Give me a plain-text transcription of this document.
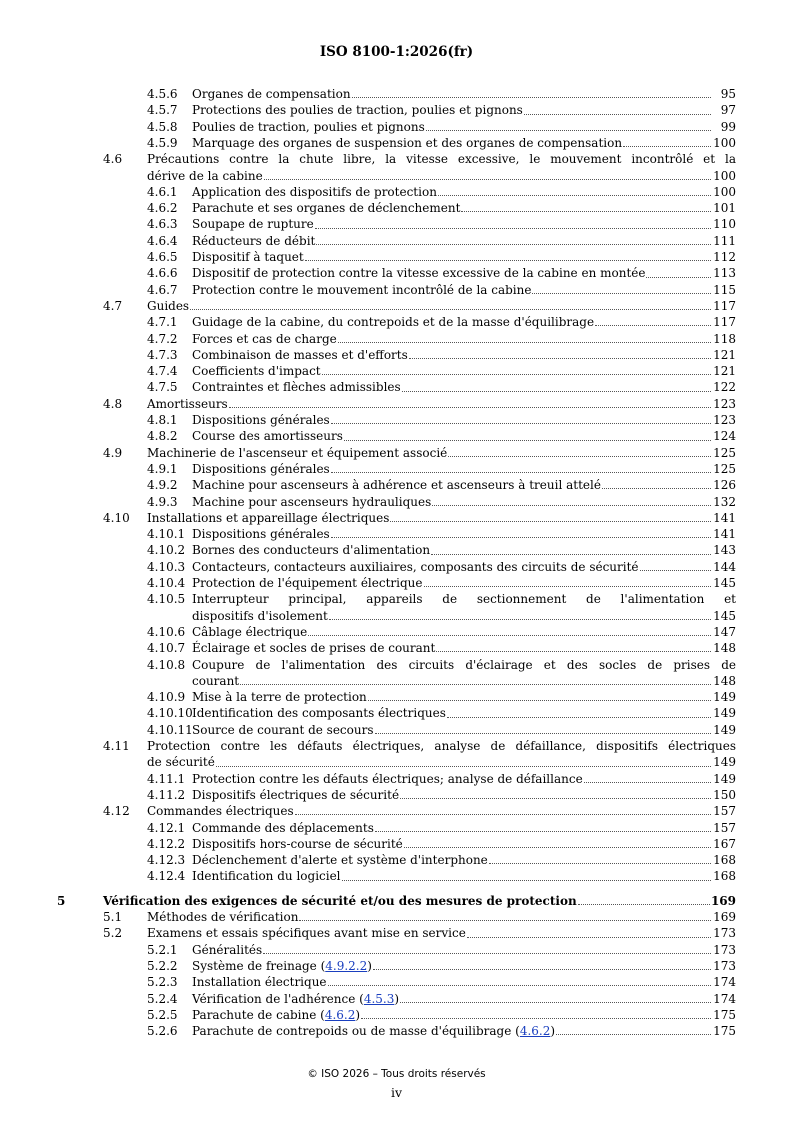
ISO 8100-1:2026(fr)
4.5.6 Organes de compensation	95
4.5.7 Protections des poulies de traction, poulies et pignons	97
4.5.8 Poulies de traction, poulies et pignons	99
4.5.9 Marquage des organes de suspension et des organes de compensation	100
4.6 Précautions contre la chute libre, la vitesse excessive, le mouvement incontrôlé et la
dérive de la cabine	100
4.6.1 Application des dispositifs de protection	100
4.6.2 Parachute et ses organes de déclenchement	101
4.6.3 Soupape de rupture	110
4.6.4 Réducteurs de débit	111
4.6.5 Dispositif à taquet	112
4.6.6 Dispositif de protection contre la vitesse excessive de la cabine en montée	113
4.6.7 Protection contre le mouvement incontrôlé de la cabine	115
4.7 Guides	117
4.7.1 Guidage de la cabine, du contrepoids et de la masse d'équilibrage	117
4.7.2 Forces et cas de charge	118
4.7.3 Combinaison de masses et d'efforts	121
4.7.4 Coefficients d'impact	121
4.7.5 Contraintes et flèches admissibles	122
4.8 Amortisseurs	123
4.8.1 Dispositions générales	123
4.8.2 Course des amortisseurs	124
4.9 Machinerie de l'ascenseur et équipement associé	125
4.9.1 Dispositions générales	125
4.9.2 Machine pour ascenseurs à adhérence et ascenseurs à treuil attelé	126
4.9.3 Machine pour ascenseurs hydrauliques	132
4.10 Installations et appareillage électriques	141
4.10.1 Dispositions générales	141
4.10.2 Bornes des conducteurs d'alimentation	143
4.10.3 Contacteurs, contacteurs auxiliaires, composants des circuits de sécurité	144
4.10.4 Protection de l'équipement électrique	145
4.10.5 Interrupteur principal, appareils de sectionnement de l'alimentation et
dispositifs d'isolement	145
4.10.6 Câblage électrique	147
4.10.7 Éclairage et socles de prises de courant	148
4.10.8 Coupure de l'alimentation des circuits d'éclairage et des socles de prises de
courant	148
4.10.9 Mise à la terre de protection	149
4.10.10 Identification des composants électriques	149
4.10.11 Source de courant de secours	149
4.11 Protection contre les défauts électriques, analyse de défaillance, dispositifs électriques
de sécurité	149
4.11.1 Protection contre les défauts électriques; analyse de défaillance	149
4.11.2 Dispositifs électriques de sécurité	150
4.12 Commandes électriques	157
4.12.1 Commande des déplacements	157
4.12.2 Dispositifs hors-course de sécurité	167
4.12.3 Déclenchement d'alerte et système d'interphone	168
4.12.4 Identification du logiciel	168
5	Vérification des exigences de sécurité et/ou des mesures de protection	169
5.1 Méthodes de vérification	169
5.2 Examens et essais spécifiques avant mise en service	173
5.2.1 Généralités	173
5.2.2 Système de freinage (4.9.2.2)	173
5.2.3 Installation électrique	174
5.2.4 Vérification de l'adhérence (4.5.3)	174
5.2.5 Parachute de cabine (4.6.2)	175
5.2.6 Parachute de contrepoids ou de masse d'équilibrage (4.6.2)	175
© ISO 2026 – Tous droits réservés
iv
